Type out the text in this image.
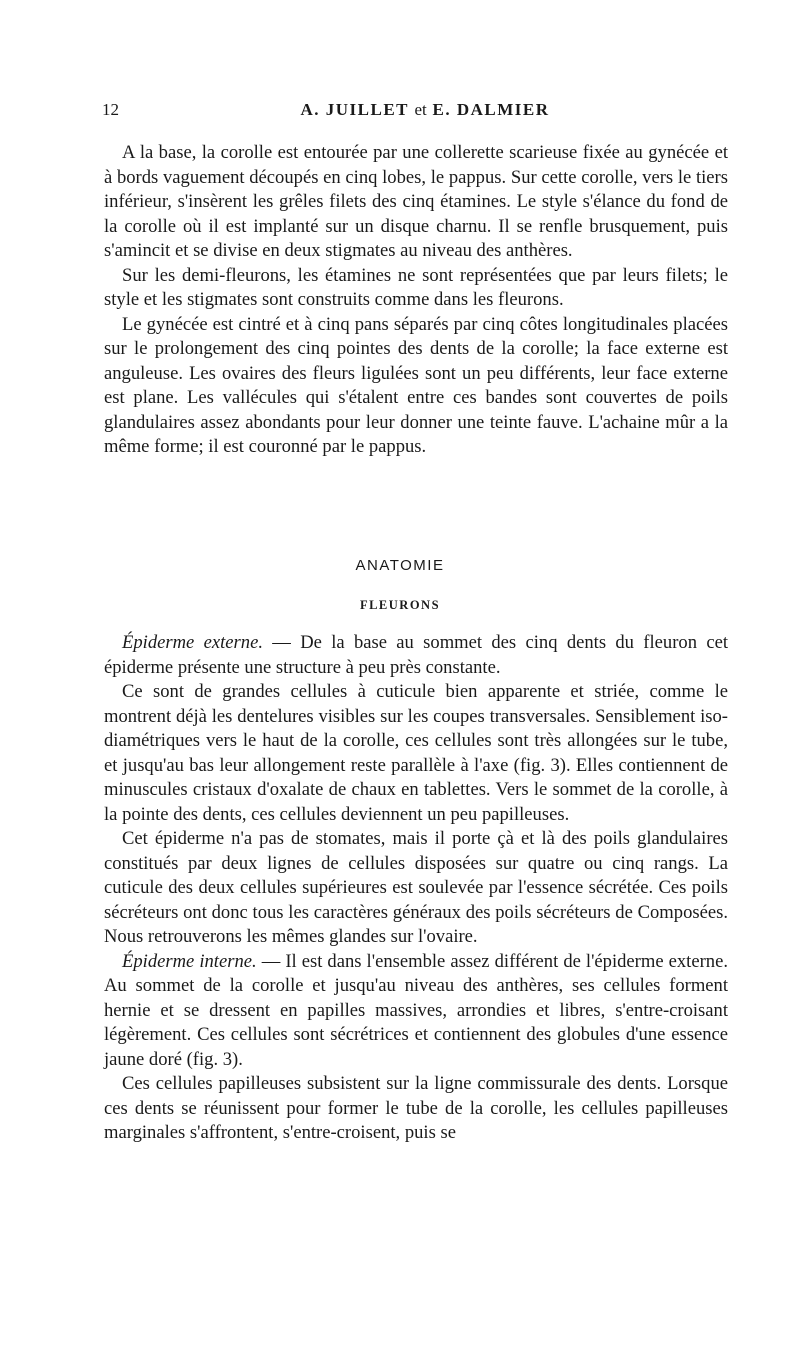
12	A. JUILLET et E. DALMIER

A la base, la corolle est entourée par une collerette scarieuse fixée au gynécée et à bords vaguement découpés en cinq lobes, le pappus. Sur cette corolle, vers le tiers inférieur, s'insèrent les grêles filets des cinq étamines. Le style s'élance du fond de la corolle où il est implanté sur un disque charnu. Il se renfle brusquement, puis s'amincit et se divise en deux stigmates au niveau des anthères.

Sur les demi-fleurons, les étamines ne sont représentées que par leurs filets; le style et les stigmates sont construits comme dans les fleurons.

Le gynécée est cintré et à cinq pans séparés par cinq côtes longitudinales placées sur le prolongement des cinq pointes des dents de la corolle; la face externe est anguleuse. Les ovaires des fleurs ligulées sont un peu différents, leur face externe est plane. Les vallécules qui s'étalent entre ces bandes sont couvertes de poils glandulaires assez abondants pour leur donner une teinte fauve. L'achaine mûr a la même forme; il est couronné par le pappus.

ANATOMIE
FLEURONS

Épiderme externe. — De la base au sommet des cinq dents du fleuron cet épiderme présente une structure à peu près constante.

Ce sont de grandes cellules à cuticule bien apparente et striée, comme le montrent déjà les dentelures visibles sur les coupes transversales. Sensiblement iso-diamétriques vers le haut de la corolle, ces cellules sont très allongées sur le tube, et jusqu'au bas leur allongement reste parallèle à l'axe (fig. 3). Elles contiennent de minuscules cristaux d'oxalate de chaux en tablettes. Vers le sommet de la corolle, à la pointe des dents, ces cellules deviennent un peu papilleuses.

Cet épiderme n'a pas de stomates, mais il porte çà et là des poils glandulaires constitués par deux lignes de cellules disposées sur quatre ou cinq rangs. La cuticule des deux cellules supérieures est soulevée par l'essence sécrétée. Ces poils sécréteurs ont donc tous les caractères généraux des poils sécréteurs de Composées. Nous retrouverons les mêmes glandes sur l'ovaire.

Épiderme interne. — Il est dans l'ensemble assez différent de l'épiderme externe. Au sommet de la corolle et jusqu'au niveau des anthères, ses cellules forment hernie et se dressent en papilles massives, arrondies et libres, s'entre-croisant légèrement. Ces cellules sont sécrétrices et contiennent des globules d'une essence jaune doré (fig. 3).

Ces cellules papilleuses subsistent sur la ligne commissurale des dents. Lorsque ces dents se réunissent pour former le tube de la corolle, les cellules papilleuses marginales s'affrontent, s'entre-croisent, puis se
